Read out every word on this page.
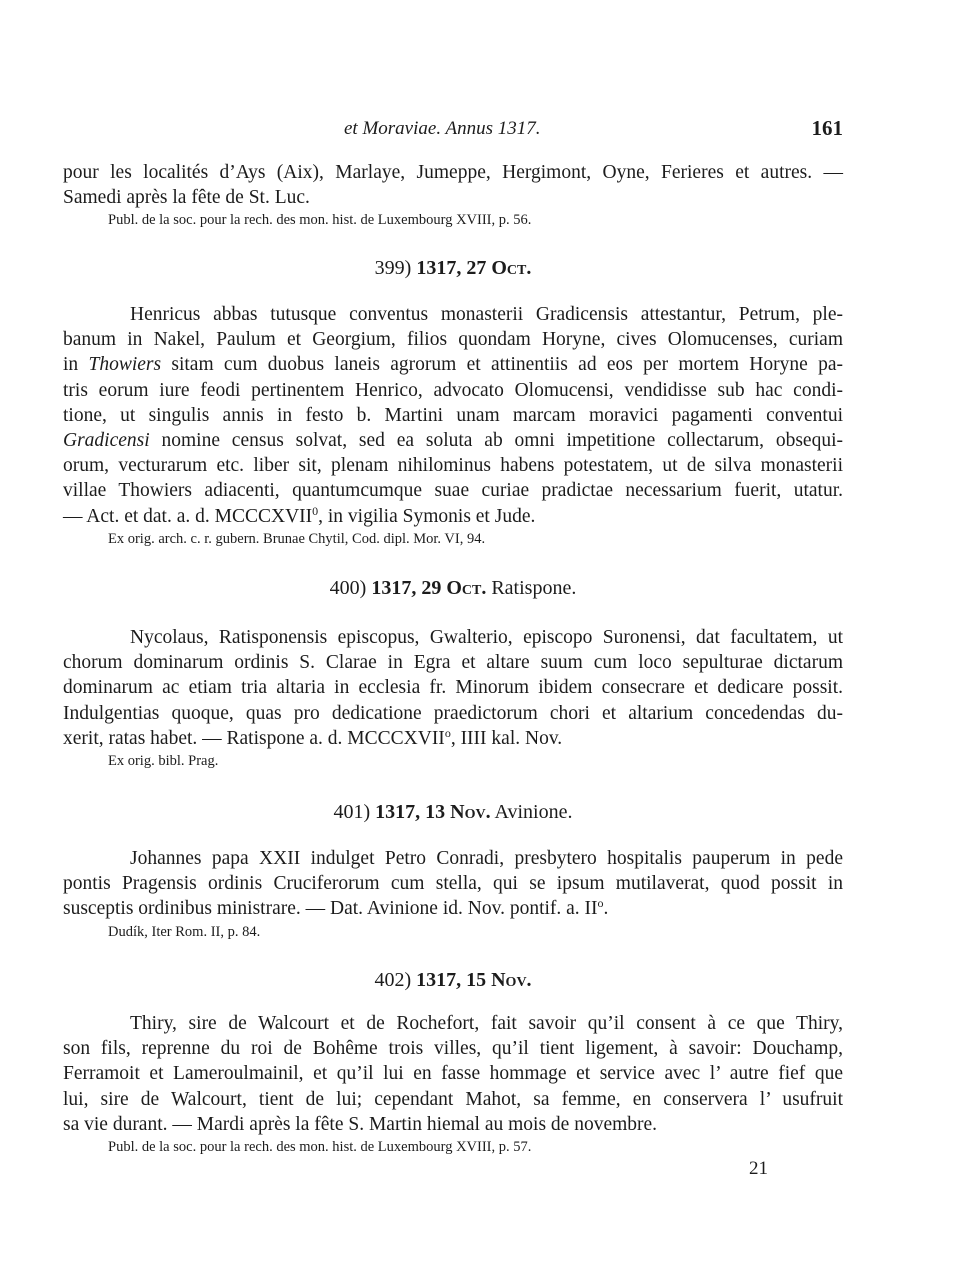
et Moraviae. Annus 1317.	161
pour les localités d’Ays (Aix), Marlaye, Jumeppe, Hergimont, Oyne, Ferieres et autres. —
Samedi après la fête de St. Luc.
Publ. de la soc. pour la rech. des mon. hist. de Luxembourg XVIII, p. 56.
399) 1317, 27 Oct.
Henricus abbas tutusque conventus monasterii Gradicensis attestantur, Petrum, ple-
banum in Nakel, Paulum et Georgium, filios quondam Horyne, cives Olomucenses, curiam
in Thowiers sitam cum duobus laneis agrorum et attinentiis ad eos per mortem Horyne pa-
tris eorum iure feodi pertinentem Henrico, advocato Olomucensi, vendidisse sub hac condi-
tione, ut singulis annis in festo b. Martini unam marcam moravici pagamenti conventui
Gradicensi nomine census solvat, sed ea soluta ab omni impetitione collectarum, obsequi-
orum, vecturarum etc. liber sit, plenam nihilominus habens potestatem, ut de silva monasterii
villae Thowiers adiacenti, quantumcumque suae curiae pradictae necessarium fuerit, utatur.
— Act. et dat. a. d. MCCCXVII$^0$, in vigilia Symonis et Jude.
Ex orig. arch. c. r. gubern. Brunae Chytil, Cod. dipl. Mor. VI, 94.
400) 1317, 29 Oct. Ratispone.
Nycolaus, Ratisponensis episcopus, Gwalterio, episcopo Suronensi, dat facultatem, ut
chorum dominarum ordinis S. Clarae in Egra et altare suum cum loco sepulturae dictarum
dominarum ac etiam tria altaria in ecclesia fr. Minorum ibidem consecrare et dedicare possit.
Indulgentias quoque, quas pro dedicatione praedictorum chori et altarium concedendas du-
xerit, ratas habet. — Ratispone a. d. MCCCXVII$^o$, IIII kal. Nov.
Ex orig. bibl. Prag.
401) 1317, 13 Nov. Avinione.
Johannes papa XXII indulget Petro Conradi, presbytero hospitalis pauperum in pede
pontis Pragensis ordinis Cruciferorum cum stella, qui se ipsum mutilaverat, quod possit in
susceptis ordinibus ministrare. — Dat. Avinione id. Nov. pontif. a. $II^o$.
Dudík, Iter Rom. II, p. 84.
402) 1317, 15 Nov.
Thiry, sire de Walcourt et de Rochefort, fait savoir qu’il consent à ce que Thiry,
son fils, reprenne du roi de Bohême trois villes, qu’il tient ligement, à savoir: Douchamp,
Ferramoit et Lameroulmainil, et qu’il lui en fasse hommage et service avec l’ autre fief que
lui, sire de Walcourt, tient de lui; cependant Mahot, sa femme, en conservera l’ usufruit
sa vie durant. — Mardi après la fête S. Martin hiemal au mois de novembre.
Publ. de la soc. pour la rech. des mon. hist. de Luxembourg XVIII, p. 57.
21
